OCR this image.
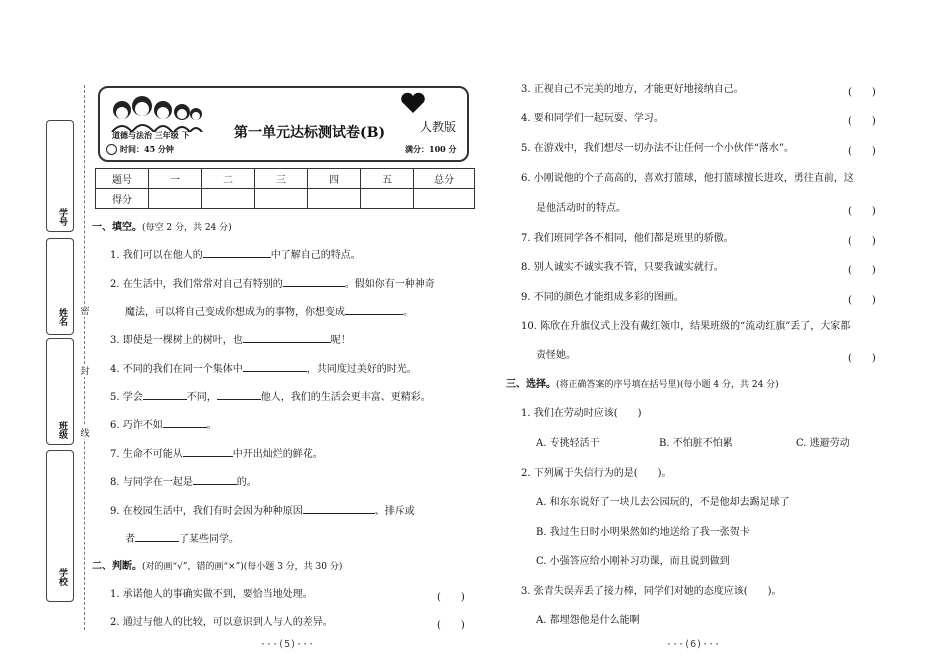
学号
姓名
班级
学校
密
封
线
道德与法治 三年级 下
时间：45 分钟
第一单元达标测试卷(B)	人教版
满分：100 分
题号	一	二	三	四	五	总分
得分						
一、填空。(每空 2 分，共 24 分)
1. 我们可以在他人的	中了解自己的特点。
2. 在生活中，我们常常对自己有特别的	。假如你有一种神奇
魔法，可以将自己变成你想成为的事物，你想变成	。
3. 即使是一棵树上的树叶，也	呢！
4. 不同的我们在同一个集体中	，共同度过美好的时光。
5. 学会	不同，	他人，我们的生活会更丰富、更精彩。
6. 巧诈不如	。
7. 生命不可能从	中开出灿烂的鲜花。
8. 与同学在一起是	的。
9. 在校园生活中，我们有时会因为种种原因	、排斥或
者	了某些同学。
二、判断。(对的画“√”，错的画“×”)(每小题 3 分，共 30 分)
1. 承诺他人的事确实做不到，要恰当地处理。	(　　)
2. 通过与他人的比较，可以意识到人与人的差异。	(　　)
3. 正视自己不完美的地方，才能更好地接纳自己。	(　　)
4. 要和同学们一起玩耍、学习。	(　　)
5. 在游戏中，我们想尽一切办法不让任何一个小伙伴“落水”。	(　　)
6. 小刚说他的个子高高的，喜欢打篮球，他打篮球擅长进攻，勇往直前，这
是他活动时的特点。	(　　)
7. 我们班同学各不相同，他们都是班里的骄傲。	(　　)
8. 别人诚实不诚实我不管，只要我诚实就行。	(　　)
9. 不同的颜色才能组成多彩的图画。	(　　)
10. 陈欣在升旗仪式上没有戴红领巾，结果班级的“流动红旗”丢了，大家都
责怪她。	(　　)
三、选择。(将正确答案的序号填在括号里)(每小题 4 分，共 24 分)
1. 我们在劳动时应该(　　)
A. 专挑轻活干	B. 不怕脏不怕累	C. 逃避劳动
2. 下列属于失信行为的是(　　)。
A. 和东东说好了一块儿去公园玩的，不是他却去踢足球了
B. 我过生日时小明果然如约地送给了我一张贺卡
C. 小强答应给小刚补习功课，而且说到做到
3. 张青失误弄丢了接力棒，同学们对她的态度应该(　　)。
A. 都埋怨他是什么能啊
···(5)···	···(6)···
